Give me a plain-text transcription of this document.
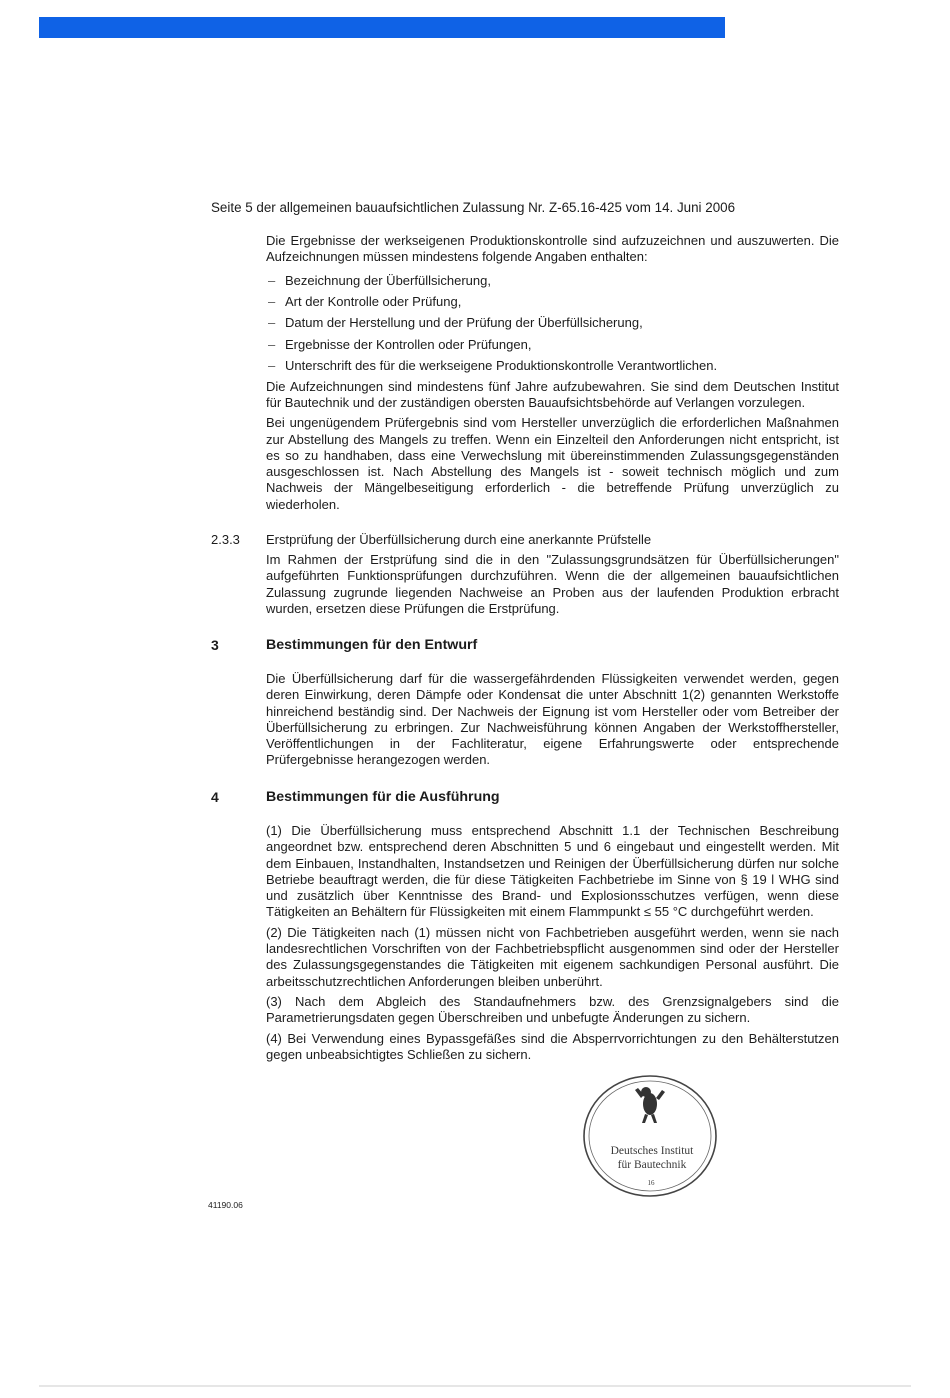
Seite 5 der allgemeinen bauaufsichtlichen Zulassung Nr. Z-65.16-425 vom 14. Juni 2006

Die Ergebnisse der werkseigenen Produktionskontrolle sind aufzuzeichnen und auszuwerten. Die Aufzeichnungen müssen mindestens folgende Angaben enthalten:

– Bezeichnung der Überfüllsicherung,
– Art der Kontrolle oder Prüfung,
– Datum der Herstellung und der Prüfung der Überfüllsicherung,
– Ergebnisse der Kontrollen oder Prüfungen,
– Unterschrift des für die werkseigene Produktionskontrolle Verantwortlichen.

Die Aufzeichnungen sind mindestens fünf Jahre aufzubewahren. Sie sind dem Deutschen Institut für Bautechnik und der zuständigen obersten Bauaufsichtsbehörde auf Verlangen vorzulegen.

Bei ungenügendem Prüfergebnis sind vom Hersteller unverzüglich die erforderlichen Maßnahmen zur Abstellung des Mangels zu treffen. Wenn ein Einzelteil den Anforderungen nicht entspricht, ist es so zu handhaben, dass eine Verwechslung mit übereinstimmenden Zulassungsgegenständen ausgeschlossen ist. Nach Abstellung des Mangels ist - soweit technisch möglich und zum Nachweis der Mängelbeseitigung erforderlich - die betreffende Prüfung unverzüglich zu wiederholen.

2.3.3 Erstprüfung der Überfüllsicherung durch eine anerkannte Prüfstelle

Im Rahmen der Erstprüfung sind die in den "Zulassungsgrundsätzen für Überfüllsicherungen" aufgeführten Funktionsprüfungen durchzuführen. Wenn die der allgemeinen bauaufsichtlichen Zulassung zugrunde liegenden Nachweise an Proben aus der laufenden Produktion erbracht wurden, ersetzen diese Prüfungen die Erstprüfung.

3	Bestimmungen für den Entwurf

Die Überfüllsicherung darf für die wassergefährdenden Flüssigkeiten verwendet werden, gegen deren Einwirkung, deren Dämpfe oder Kondensat die unter Abschnitt 1(2) genannten Werkstoffe hinreichend beständig sind. Der Nachweis der Eignung ist vom Hersteller oder vom Betreiber der Überfüllsicherung zu erbringen. Zur Nachweisführung können Angaben der Werkstoffhersteller, Veröffentlichungen in der Fachliteratur, eigene Erfahrungswerte oder entsprechende Prüfergebnisse herangezogen werden.

4	Bestimmungen für die Ausführung

(1) Die Überfüllsicherung muss entsprechend Abschnitt 1.1 der Technischen Beschreibung angeordnet bzw. entsprechend deren Abschnitten 5 und 6 eingebaut und eingestellt werden. Mit dem Einbauen, Instandhalten, Instandsetzen und Reinigen der Überfüllsicherung dürfen nur solche Betriebe beauftragt werden, die für diese Tätigkeiten Fachbetriebe im Sinne von § 19 l WHG sind und zusätzlich über Kenntnisse des Brand- und Explosionsschutzes verfügen, wenn diese Tätigkeiten an Behältern für Flüssigkeiten mit einem Flammpunkt ≤ 55 °C durchgeführt werden.

(2) Die Tätigkeiten nach (1) müssen nicht von Fachbetrieben ausgeführt werden, wenn sie nach landesrechtlichen Vorschriften von der Fachbetriebspflicht ausgenommen sind oder der Hersteller des Zulassungsgegenstandes die Tätigkeiten mit eigenem sachkundigen Personal ausführt. Die arbeitsschutzrechtlichen Anforderungen bleiben unberührt.

(3) Nach dem Abgleich des Standaufnehmers bzw. des Grenzsignalgebers sind die Parametrierungsdaten gegen Überschreiben und unbefugte Änderungen zu sichern.

(4) Bei Verwendung eines Bypassgefäßes sind die Absperrvorrichtungen zu den Behälterstutzen gegen unbeabsichtigtes Schließen zu sichern.

Deutsches Institut
für Bautechnik
16
41190.06
